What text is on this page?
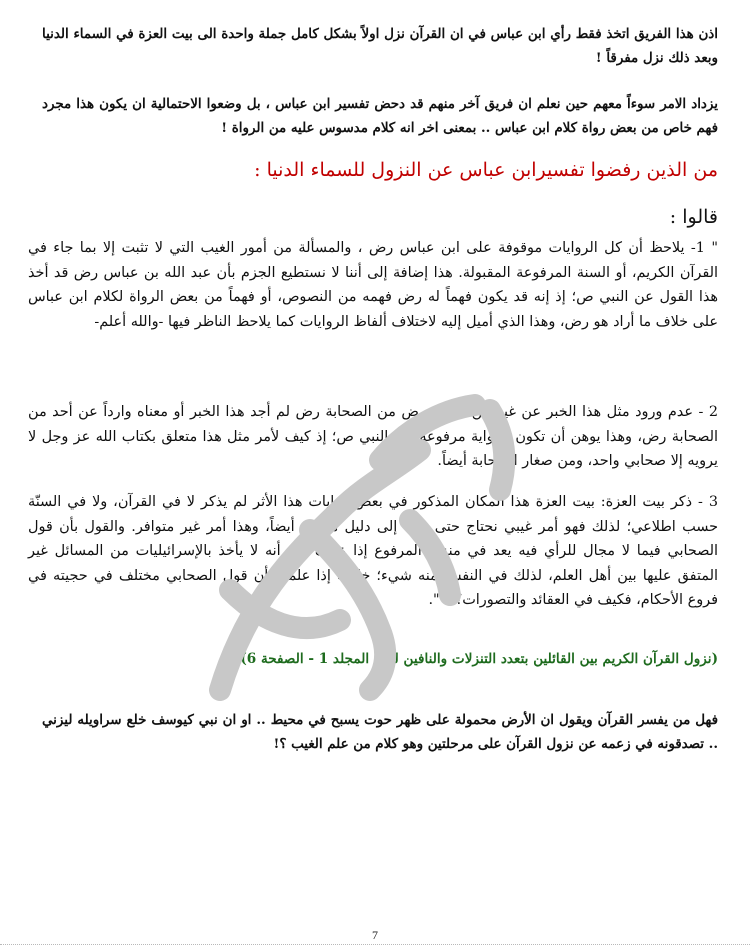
اذن هذا الفريق اتخذ فقط رأي ابن عباس في ان القرآن نزل اولاً بشكل كامل جملة واحدة الى بيت العزة في السماء الدنيا وبعد ذلك نزل مفرقاً !

يزداد الامر سوءاً معهم حين نعلم ان فريق آخر منهم قد دحض تفسير ابن عباس ، بل وضعوا الاحتمالية ان يكون هذا مجرد فهم خاص من بعض رواة كلام ابن عباس .. بمعنى اخر انه كلام مدسوس عليه من الرواة !

من الذين رفضوا تفسيرابن عباس عن النزول للسماء الدنيا :
قالوا :

" 1- يلاحظ أن كل الروايات موقوفة على ابن عباس رض ، والمسألة من أمور الغيب التي لا تثبت إلا بما جاء في القرآن الكريم، أو السنة المرفوعة المقبولة. هذا إضافة إلى أننا لا نستطيع الجزم بأن عبد الله بن عباس رض قد أخذ هذا القول عن النبي ص؛ إذ إنه قد يكون فهماً له رض فهمه من النصوص، أو فهماً من بعض الرواة لكلام ابن عباس على خلاف ما أراد هو رض، وهذا الذي أميل إليه لاختلاف ألفاظ الروايات كما يلاحظ الناظر فيها -والله أعلم-

2 - عدم ورود مثل هذا الخبر عن غير ابن عباس رض من الصحابة رض لم أجد هذا الخبر أو معناه وارداً عن أحد من الصحابة رض، وهذا يوهن أن تكون الرواية مرفوعة إلى النبي ص؛ إذ كيف لأمر مثل هذا متعلق بكتاب الله عز وجل لا يرويه إلا صحابي واحد، ومن صغار الصحابة أيضاً.

3 - ذكر بيت العزة: بيت العزة هذا المكان المذكور في بعض روايات هذا الأثر لم يذكر لا في القرآن، ولا في السنّة حسب اطلاعي؛ لذلك فهو أمر غيبي نحتاج حتى نثبته إلى دليل مقبول أيضاً، وهذا أمر غير متوافر. والقول بأن قول الصحابي فيما لا مجال للرأي فيه يعد في منزلة المرفوع إذا عرف عنه أنه لا يأخذ بالإسرائيليات من المسائل غير المتفق عليها بين أهل العلم، لذلك في النفس منه شيء؛ خاصة إذا علمت أن قول الصحابي مختلف في حجيته في فروع الأحكام، فكيف في العقائد والتصورات؟!. ".

(نزول القرآن الكريم بين القائلين بتعدد التنزلات والنافين لها - المجلد 1 - الصفحة 6)

فهل من يفسر القرآن ويقول ان الأرض محمولة على ظهر حوت يسبح في محيط .. او ان نبي كيوسف خلع سراويله ليزني .. تصدقونه في زعمه عن نزول القرآن على مرحلتين وهو كلام من علم الغيب ؟!

7
